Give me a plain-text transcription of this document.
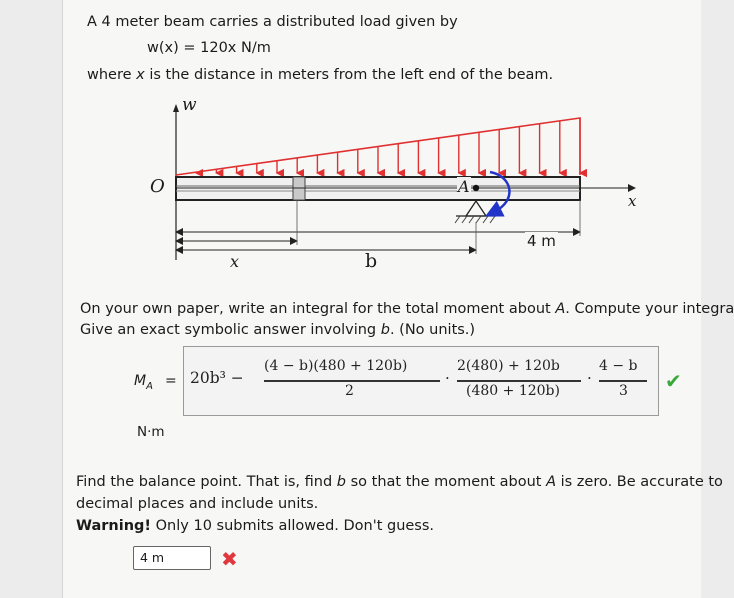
A 4 meter beam carries a distributed load given by
w(x) = 120x N/m
where x is the distance in meters from the left end of the beam.
w
O	A
x
x	b
4 m
On your own paper, write an integral for the total moment about A. Compute your integra
Give an exact symbolic answer involving b. (No units.)
$M_A = 20b^3$ −
(4 − b)(480 + 120b)
2
·
2(480) + 120b
(480 + 120b)
·
4 − b
3 ✔
N·m
Find the balance point. That is, find b so that the moment about A is zero. Be accurate to
decimal places and include units.
Warning! Only 10 submits allowed. Don't guess.
4 m	✖
